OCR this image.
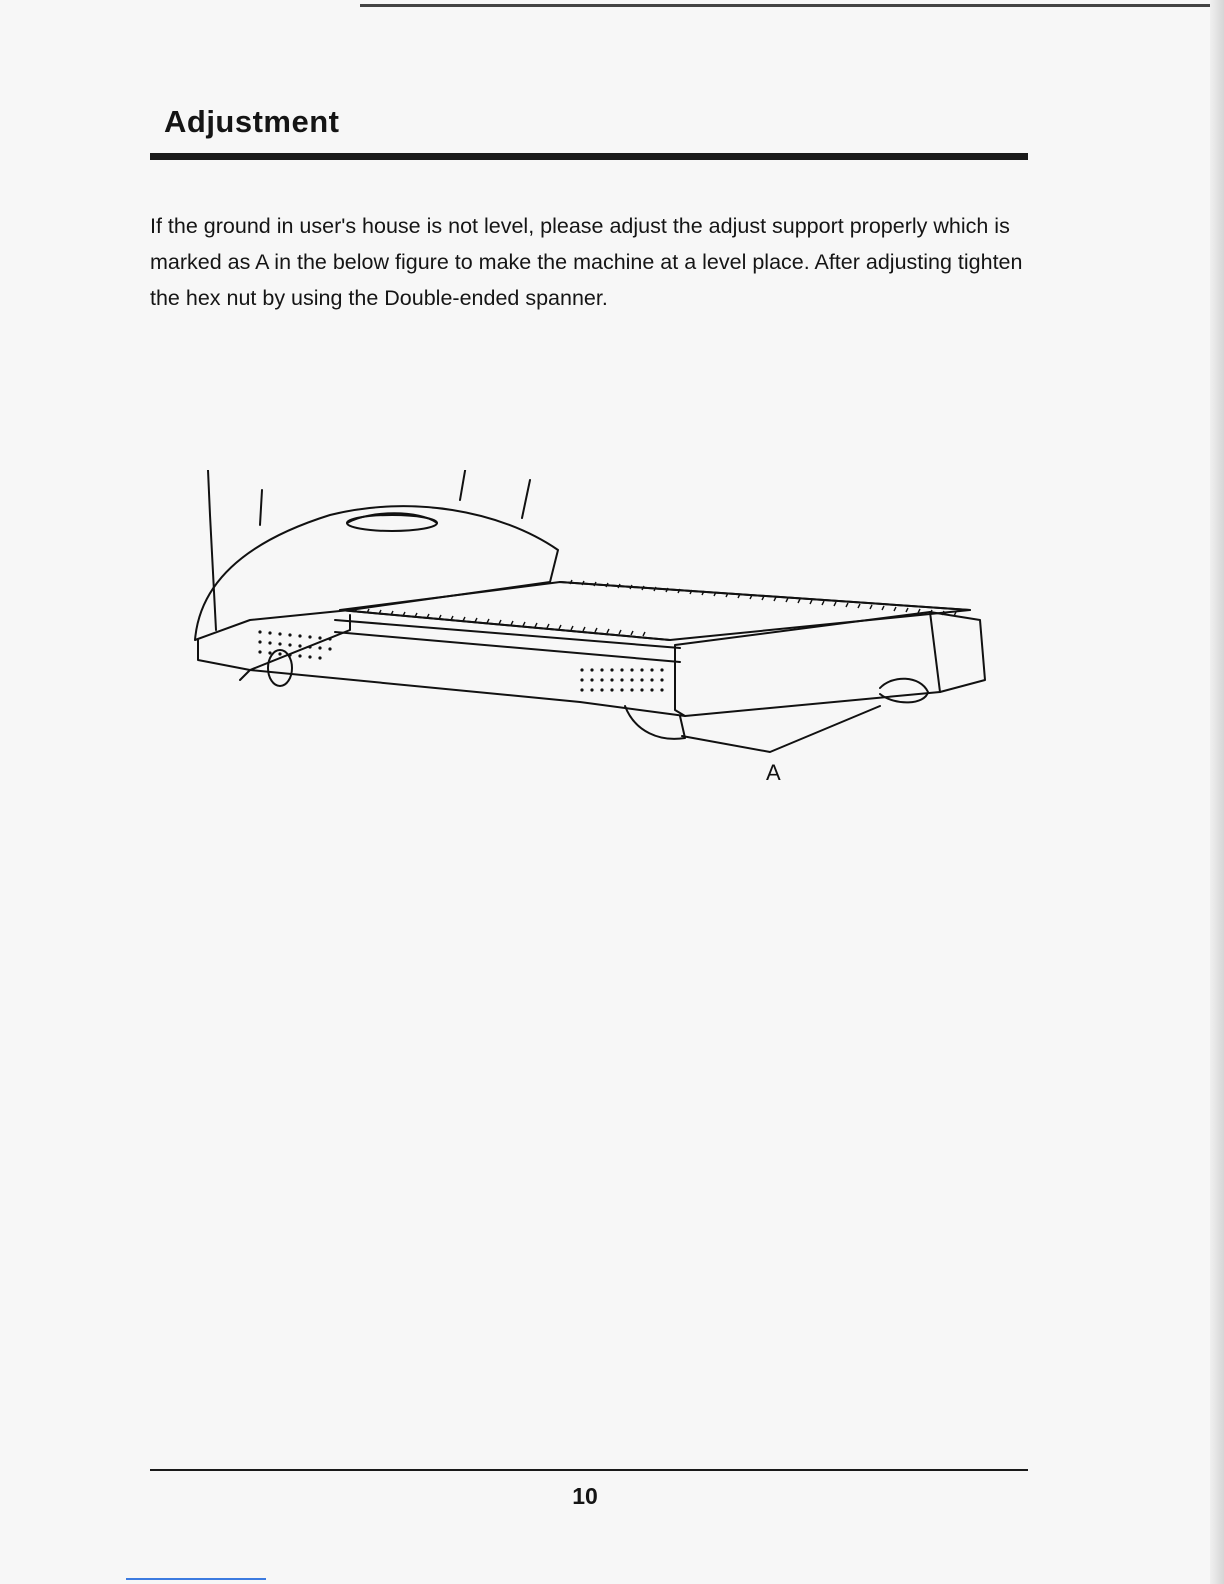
Adjustment

If the ground in user's house is not level, please adjust the adjust support properly which is marked as A in the below figure to make the machine at a level place. After adjusting tighten the hex nut by using the Double-ended spanner.

A
10
